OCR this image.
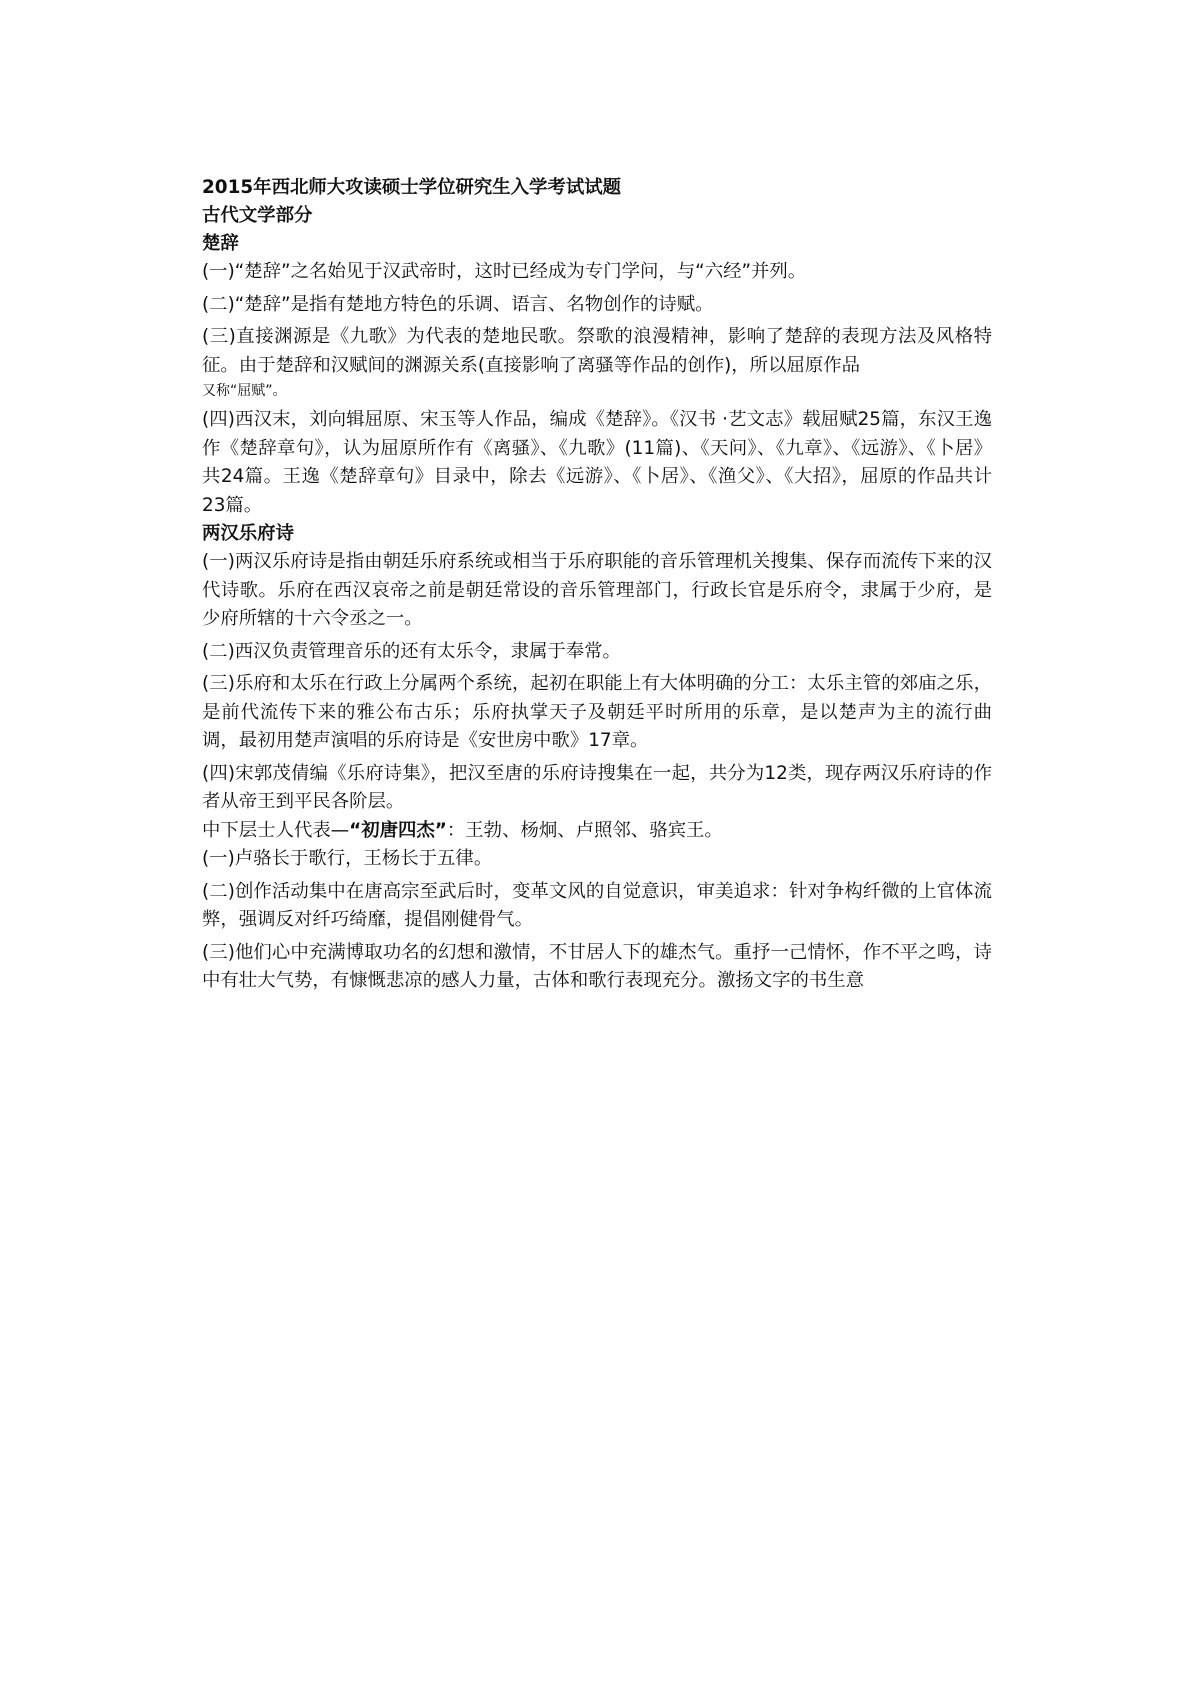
2015年西北师大攻读硕士学位研究生入学考试试题
古代文学部分
楚辞

(一)“楚辞”之名始见于汉武帝时，这时已经成为专门学问，与“六经”并列。

(二)“楚辞”是指有楚地方特色的乐调、语言、名物创作的诗赋。

(三)直接渊源是《九歌》为代表的楚地民歌。祭歌的浪漫精神，影响了楚辞的表现方法及风格特征。由于楚辞和汉赋间的渊源关系(直接影响了离骚等作品的创作)，所以屈原作品

又称“屈赋”。

(四)西汉末，刘向辑屈原、宋玉等人作品，编成《楚辞》。《汉书 ·艺文志》载屈赋25篇，东汉王逸作《楚辞章句》，认为屈原所作有《离骚》、《九歌》(11篇)、《天问》、《九章》、《远游》、《卜居》共24篇。王逸《楚辞章句》目录中，除去《远游》、《卜居》、《渔父》、《大招》，屈原的作品共计23篇。

两汉乐府诗

(一)两汉乐府诗是指由朝廷乐府系统或相当于乐府职能的音乐管理机关搜集、保存而流传下来的汉代诗歌。乐府在西汉哀帝之前是朝廷常设的音乐管理部门，行政长官是乐府令，隶属于少府，是少府所辖的十六令丞之一。

(二)西汉负责管理音乐的还有太乐令，隶属于奉常。

(三)乐府和太乐在行政上分属两个系统，起初在职能上有大体明确的分工：太乐主管的郊庙之乐，是前代流传下来的雅公布古乐；乐府执掌天子及朝廷平时所用的乐章，是以楚声为主的流行曲调，最初用楚声演唱的乐府诗是《安世房中歌》17章。

(四)宋郭茂倩编《乐府诗集》，把汉至唐的乐府诗搜集在一起，共分为12类，现存两汉乐府诗的作者从帝王到平民各阶层。

中下层士人代表—“初唐四杰”：王勃、杨炯、卢照邻、骆宾王。

(一)卢骆长于歌行，王杨长于五律。

(二)创作活动集中在唐高宗至武后时，变革文风的自觉意识，审美追求：针对争构纤微的上官体流弊，强调反对纤巧绮靡，提倡刚健骨气。

(三)他们心中充满博取功名的幻想和激情，不甘居人下的雄杰气。重抒一己情怀，作不平之鸣，诗中有壮大气势，有慷慨悲凉的感人力量，古体和歌行表现充分。激扬文字的书生意
